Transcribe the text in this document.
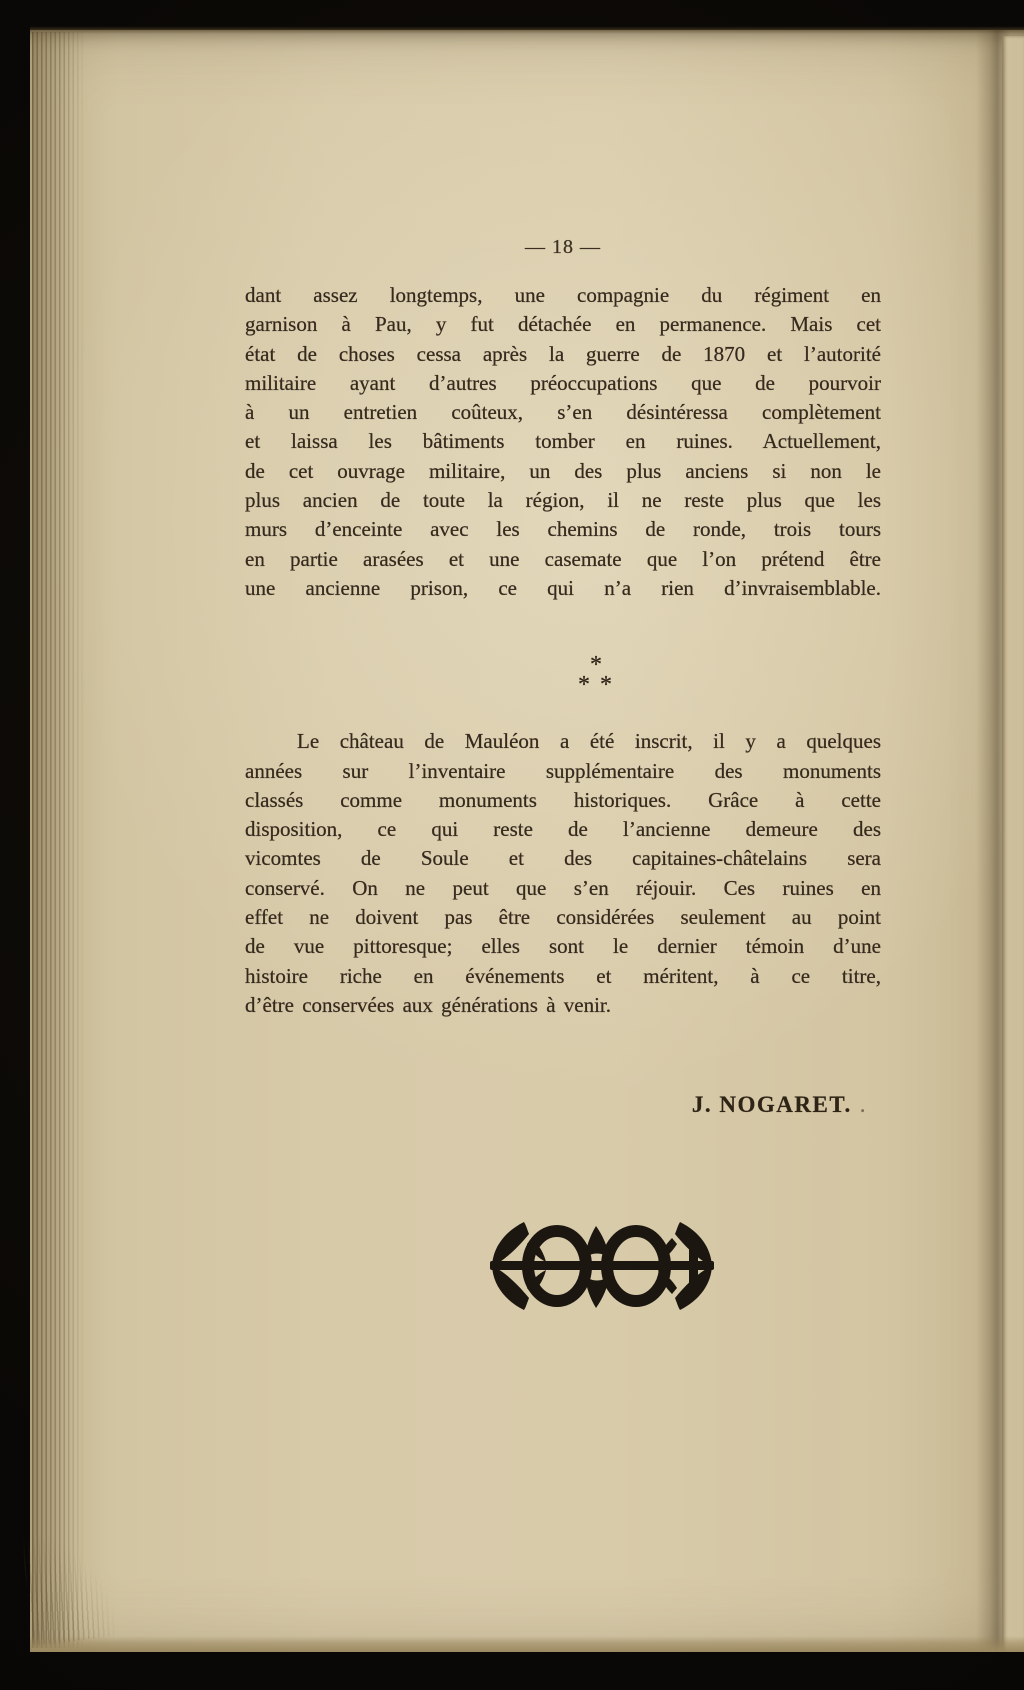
— 18 —
dant assez longtemps, une compagnie du régiment en
garnison à Pau, y fut détachée en permanence. Mais cet
état de choses cessa après la guerre de 1870 et l’autorité
militaire ayant d’autres préoccupations que de pourvoir
à un entretien coûteux, s’en désintéressa complètement
et laissa les bâtiments tomber en ruines. Actuellement,
de cet ouvrage militaire, un des plus anciens si non le
plus ancien de toute la région, il ne reste plus que les
murs d’enceinte avec les chemins de ronde, trois tours
en partie arasées et une casemate que l’on prétend être
une ancienne prison, ce qui n’a rien d’invraisemblable.
*
* *
Le château de Mauléon a été inscrit, il y a quelques
années sur l’inventaire supplémentaire des monuments
classés comme monuments historiques. Grâce à cette
disposition, ce qui reste de l’ancienne demeure des
vicomtes de Soule et des capitaines-châtelains sera
conservé. On ne peut que s’en réjouir. Ces ruines en
effet ne doivent pas être considérées seulement au point
de vue pittoresque; elles sont le dernier témoin d’une
histoire riche en événements et méritent, à ce titre,
d’être conservées aux générations à venir.
J. NOGARET. .
